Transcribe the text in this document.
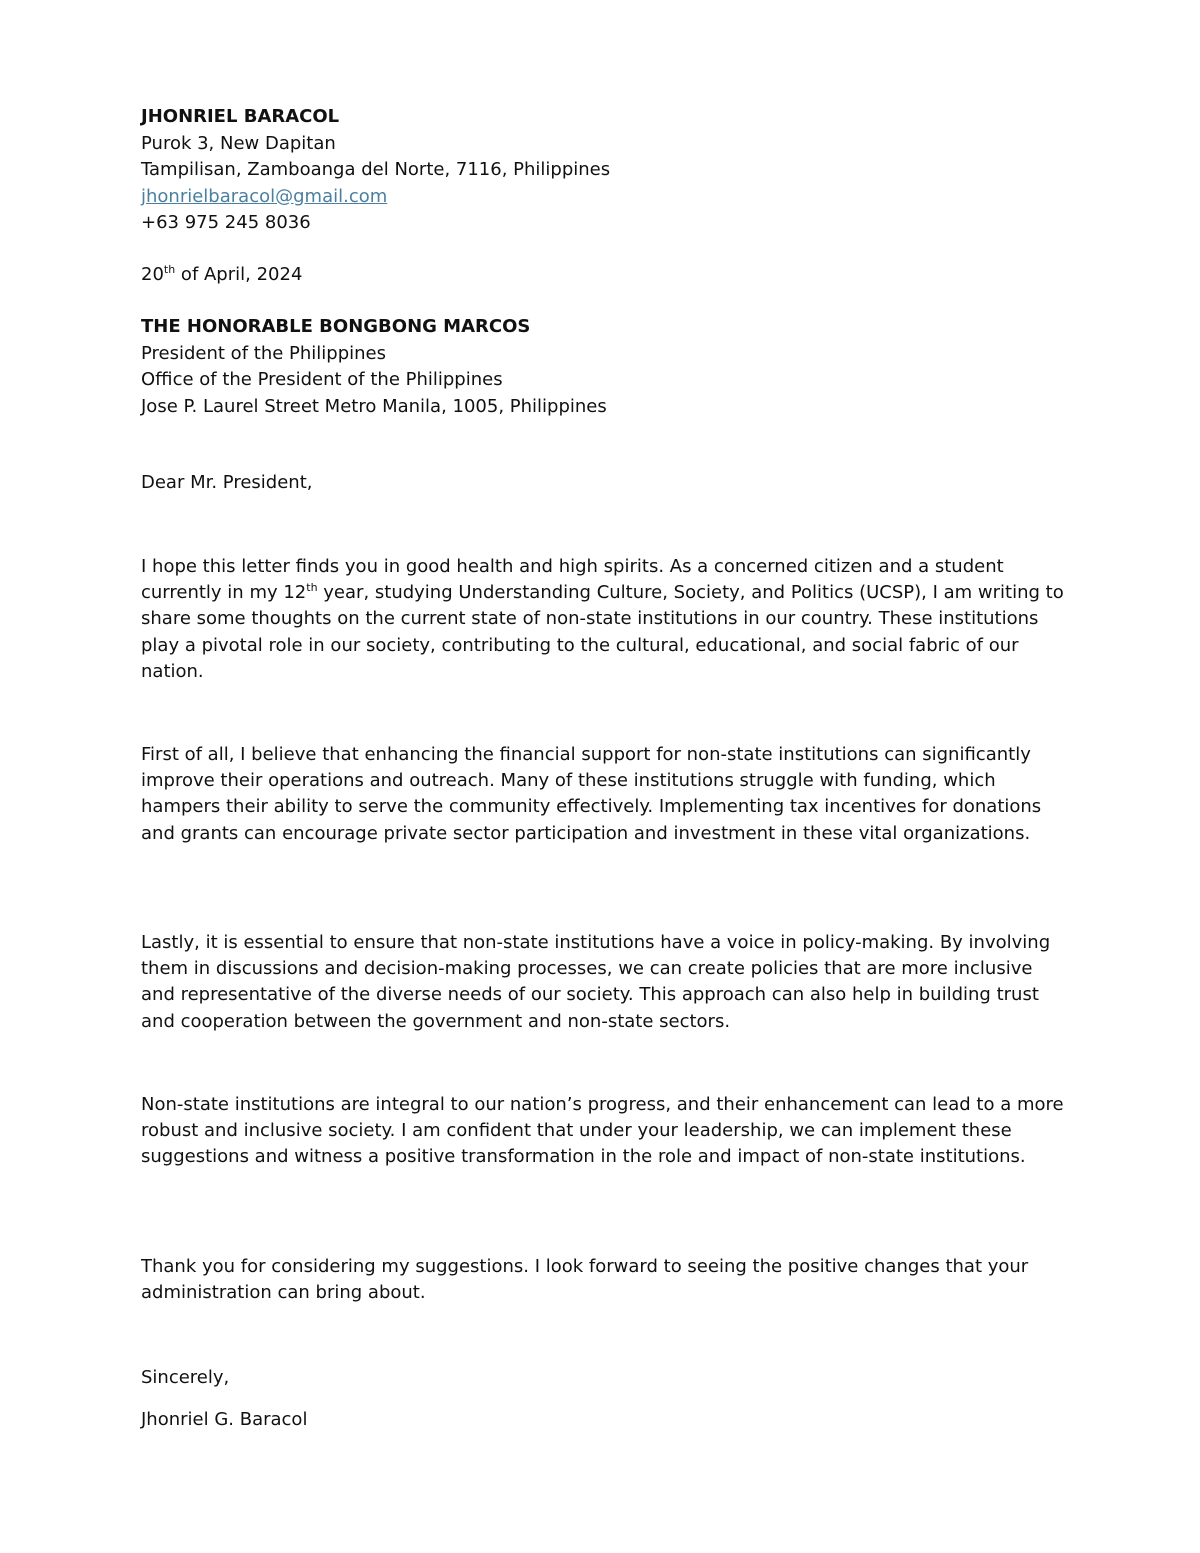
JHONRIEL BARACOL
Purok 3, New Dapitan
Tampilisan, Zamboanga del Norte, 7116, Philippines
jhonrielbaracol@gmail.com
+63 975 245 8036
20th of April, 2024
THE HONORABLE BONGBONG MARCOS
President of the Philippines
Office of the President of the Philippines
Jose P. Laurel Street Metro Manila, 1005, Philippines
Dear Mr. President,

I hope this letter finds you in good health and high spirits. As a concerned citizen and a student currently in my 12th year, studying Understanding Culture, Society, and Politics (UCSP), I am writing to share some thoughts on the current state of non-state institutions in our country. These institutions play a pivotal role in our society, contributing to the cultural, educational, and social fabric of our nation.

First of all, I believe that enhancing the financial support for non-state institutions can significantly improve their operations and outreach. Many of these institutions struggle with funding, which hampers their ability to serve the community effectively. Implementing tax incentives for donations and grants can encourage private sector participation and investment in these vital organizations.

Lastly, it is essential to ensure that non-state institutions have a voice in policy-making. By involving them in discussions and decision-making processes, we can create policies that are more inclusive and representative of the diverse needs of our society. This approach can also help in building trust and cooperation between the government and non-state sectors.

Non-state institutions are integral to our nation’s progress, and their enhancement can lead to a more robust and inclusive society. I am confident that under your leadership, we can implement these suggestions and witness a positive transformation in the role and impact of non-state institutions.

Thank you for considering my suggestions. I look forward to seeing the positive changes that your administration can bring about.

Sincerely,
Jhonriel G. Baracol
